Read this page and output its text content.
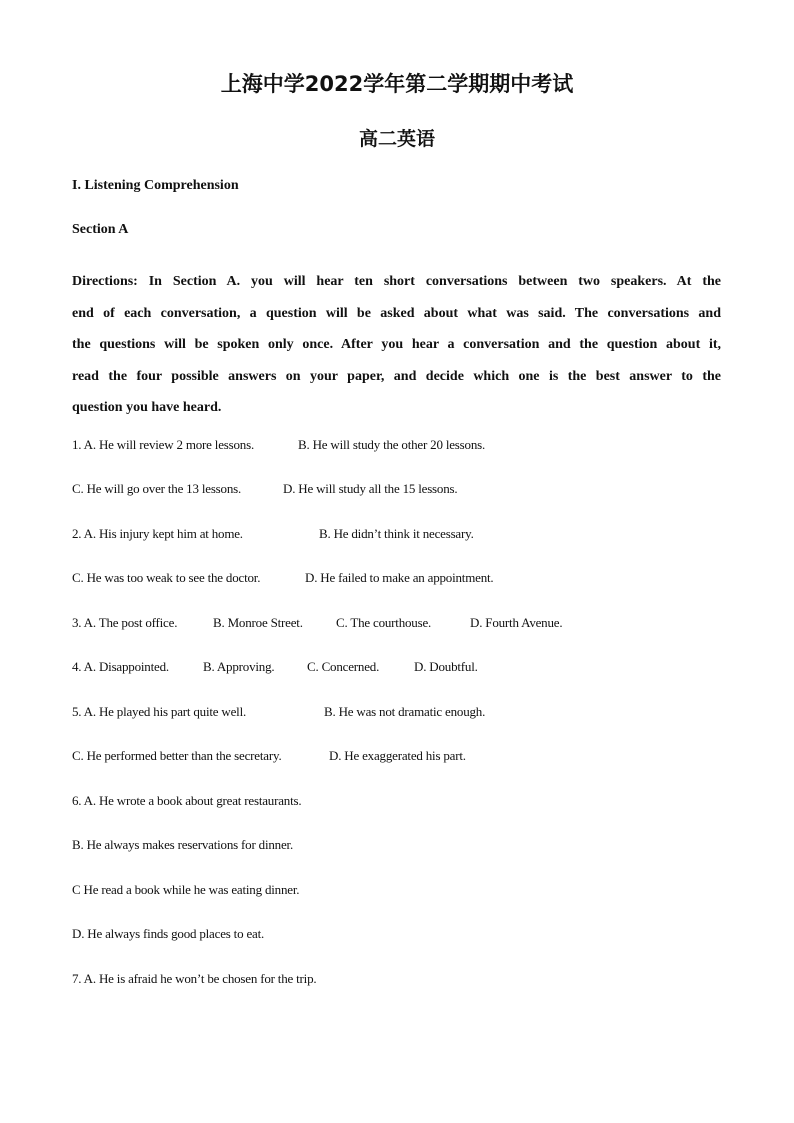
上海中学2022学年第二学期期中考试
高二英语
I. Listening Comprehension
Section A
Directions: In Section A. you will hear ten short conversations between two speakers. At the
end of each conversation, a question will be asked about what was said. The conversations and
the questions will be spoken only once. After you hear a conversation and the question about it,
read the four possible answers on your paper, and decide which one is the best answer to the
question you have heard.
1. A. He will review 2 more lessons.	B. He will study the other 20 lessons.
C. He will go over the 13 lessons.	D. He will study all the 15 lessons.
2. A. His injury kept him at home.	B. He didn’t think it necessary.
C. He was too weak to see the doctor.	D. He failed to make an appointment.
3. A. The post office.	B. Monroe Street.	C. The courthouse.	D. Fourth Avenue.
4. A. Disappointed.	B. Approving.	C. Concerned.	D. Doubtful.
5. A. He played his part quite well.	B. He was not dramatic enough.
C. He performed better than the secretary.	D. He exaggerated his part.
6. A. He wrote a book about great restaurants.
B. He always makes reservations for dinner.
C He read a book while he was eating dinner.
D. He always finds good places to eat.
7. A. He is afraid he won’t be chosen for the trip.
